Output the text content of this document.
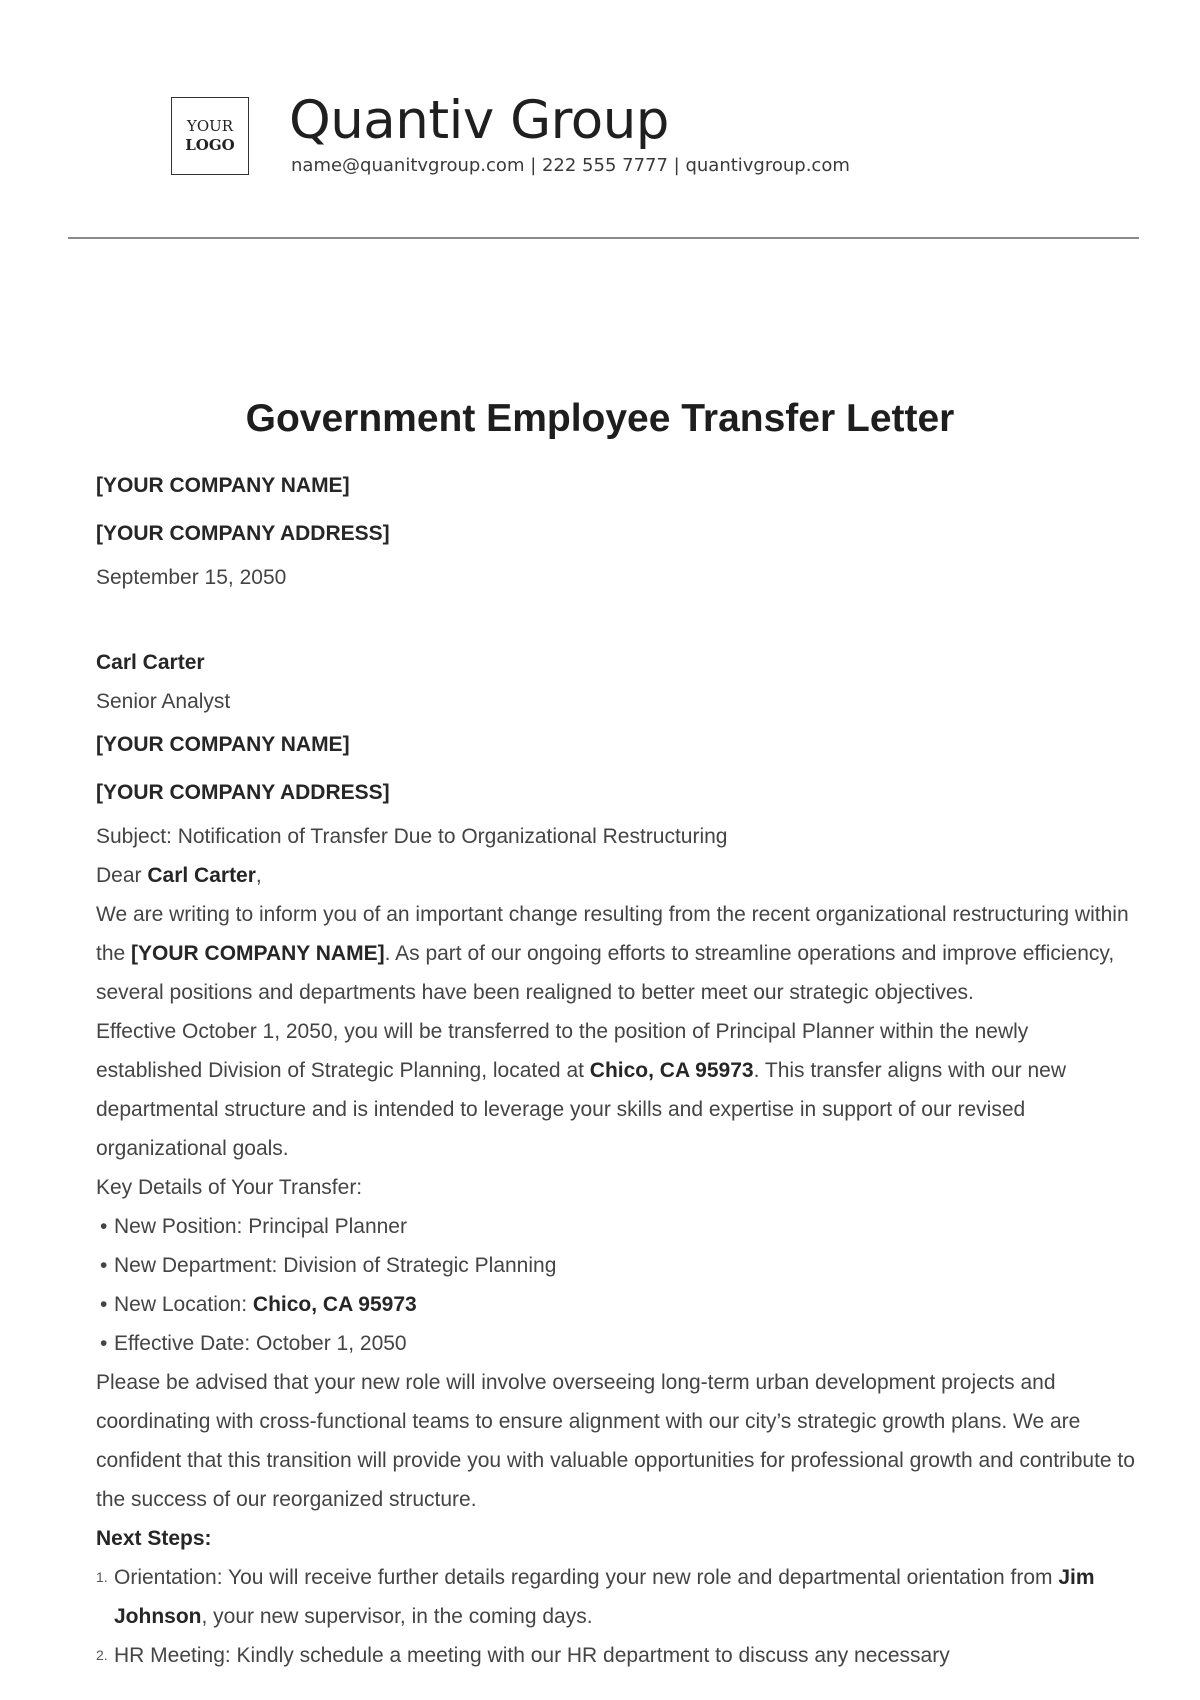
YOUR
LOGO Quantiv Group
name@quanitvgroup.com | 222 555 7777 | quantivgroup.com
Government Employee Transfer Letter
[YOUR COMPANY NAME]
[YOUR COMPANY ADDRESS]
September 15, 2050
Carl Carter
Senior Analyst
[YOUR COMPANY NAME]
[YOUR COMPANY ADDRESS]
Subject: Notification of Transfer Due to Organizational Restructuring
Dear Carl Carter,
We are writing to inform you of an important change resulting from the recent organizational restructuring within the [YOUR COMPANY NAME]. As part of our ongoing efforts to streamline operations and improve efficiency, several positions and departments have been realigned to better meet our strategic objectives.
Effective October 1, 2050, you will be transferred to the position of Principal Planner within the newly established Division of Strategic Planning, located at Chico, CA 95973. This transfer aligns with our new departmental structure and is intended to leverage your skills and expertise in support of our revised organizational goals.
Key Details of Your Transfer:
• New Position: Principal Planner
• New Department: Division of Strategic Planning
• New Location: Chico, CA 95973
• Effective Date: October 1, 2050
Please be advised that your new role will involve overseeing long-term urban development projects and coordinating with cross-functional teams to ensure alignment with our city’s strategic growth plans. We are confident that this transition will provide you with valuable opportunities for professional growth and contribute to the success of our reorganized structure.
Next Steps:
1. Orientation: You will receive further details regarding your new role and departmental orientation from Jim Johnson, your new supervisor, in the coming days.
2. HR Meeting: Kindly schedule a meeting with our HR department to discuss any necessary
